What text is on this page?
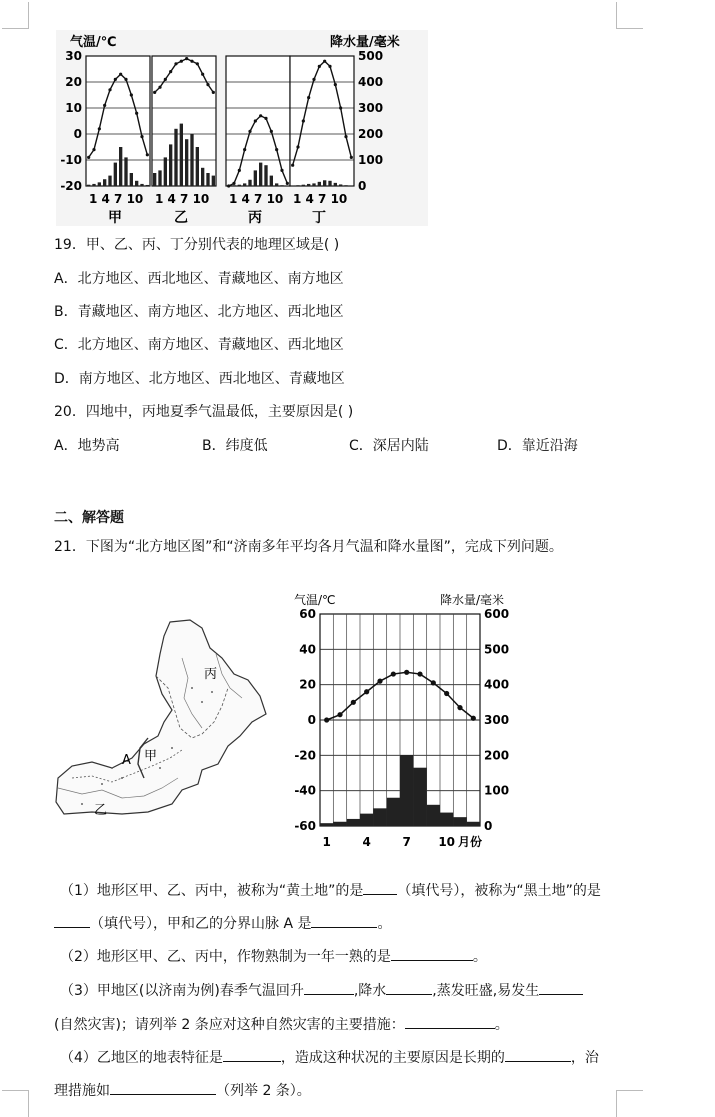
气温/℃	降水量/毫米
30
20
10
0
-10
-20
500
400
300
200
100
0
1 4 7 10
甲
1 4 7 10
乙
1 4 7 10
丙
1 4 7 10
丁
19．甲、乙、丙、丁分别代表的地理区域是( )
A．北方地区、西北地区、青藏地区、南方地区
B．青藏地区、南方地区、北方地区、西北地区
C．北方地区、南方地区、青藏地区、西北地区
D．南方地区、北方地区、西北地区、青藏地区
20．四地中，丙地夏季气温最低，主要原因是( )
A．地势高	B．纬度低	C．深居内陆	D．靠近沿海
二、解答题
21．下图为“北方地区图”和“济南多年平均各月气温和降水量图”，完成下列问题。
丙
甲
乙
A
气温/℃	降水量/毫米
月份
60
40
20
0
-20
-40
-60
600
500
400
300
200
100
0
1	4	7 10
（1）地形区甲、乙、丙中，被称为“黄土地”的是 （填代号），被称为“黑土地”的是
（填代号），甲和乙的分界山脉 A 是	。
（2）地形区甲、乙、丙中，作物熟制为一年一熟的是	。
（3）甲地区(以济南为例)春季气温回升	,降水	,蒸发旺盛,易发生
(自然灾害)；请列举 2 条应对这种自然灾害的主要措施：	。
（4）乙地区的地表特征是	，造成这种状况的主要原因是长期的	，治
理措施如	（列举 2 条）。
